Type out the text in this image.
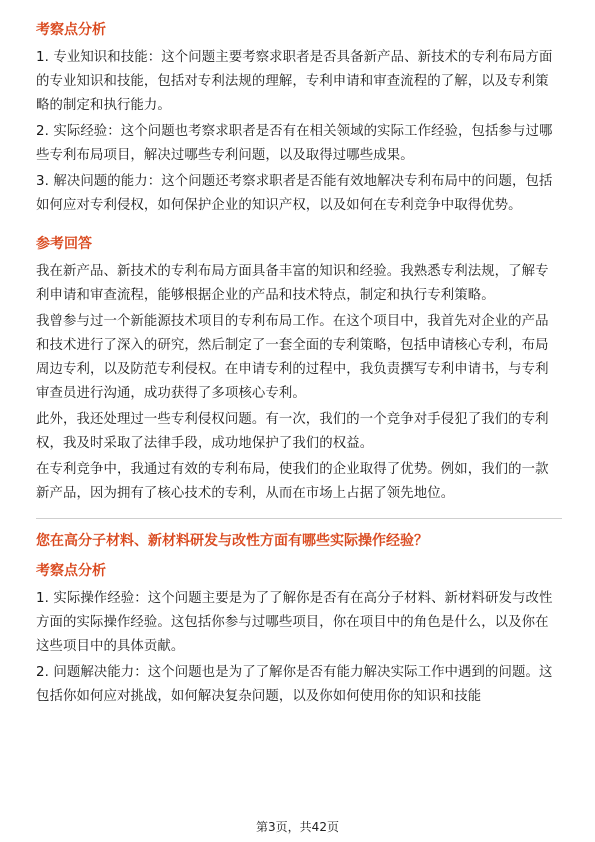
考察点分析

1. 专业知识和技能：这个问题主要考察求职者是否具备新产品、新技术的专利布局方面的专业知识和技能，包括对专利法规的理解，专利申请和审查流程的了解，以及专利策略的制定和执行能力。

2. 实际经验：这个问题也考察求职者是否有在相关领域的实际工作经验，包括参与过哪些专利布局项目，解决过哪些专利问题，以及取得过哪些成果。

3. 解决问题的能力：这个问题还考察求职者是否能有效地解决专利布局中的问题，包括如何应对专利侵权，如何保护企业的知识产权，以及如何在专利竞争中取得优势。

参考回答

我在新产品、新技术的专利布局方面具备丰富的知识和经验。我熟悉专利法规，了解专利申请和审查流程，能够根据企业的产品和技术特点，制定和执行专利策略。

我曾参与过一个新能源技术项目的专利布局工作。在这个项目中，我首先对企业的产品和技术进行了深入的研究，然后制定了一套全面的专利策略，包括申请核心专利，布局周边专利，以及防范专利侵权。在申请专利的过程中，我负责撰写专利申请书，与专利审查员进行沟通，成功获得了多项核心专利。

此外，我还处理过一些专利侵权问题。有一次，我们的一个竞争对手侵犯了我们的专利权，我及时采取了法律手段，成功地保护了我们的权益。

在专利竞争中，我通过有效的专利布局，使我们的企业取得了优势。例如，我们的一款新产品，因为拥有了核心技术的专利，从而在市场上占据了领先地位。

您在高分子材料、新材料研发与改性方面有哪些实际操作经验？
考察点分析

1. 实际操作经验：这个问题主要是为了了解你是否有在高分子材料、新材料研发与改性方面的实际操作经验。这包括你参与过哪些项目，你在项目中的角色是什么，以及你在这些项目中的具体贡献。

2. 问题解决能力：这个问题也是为了了解你是否有能力解决实际工作中遇到的问题。这包括你如何应对挑战，如何解决复杂问题，以及你如何使用你的知识和技能

第3页，共42页
